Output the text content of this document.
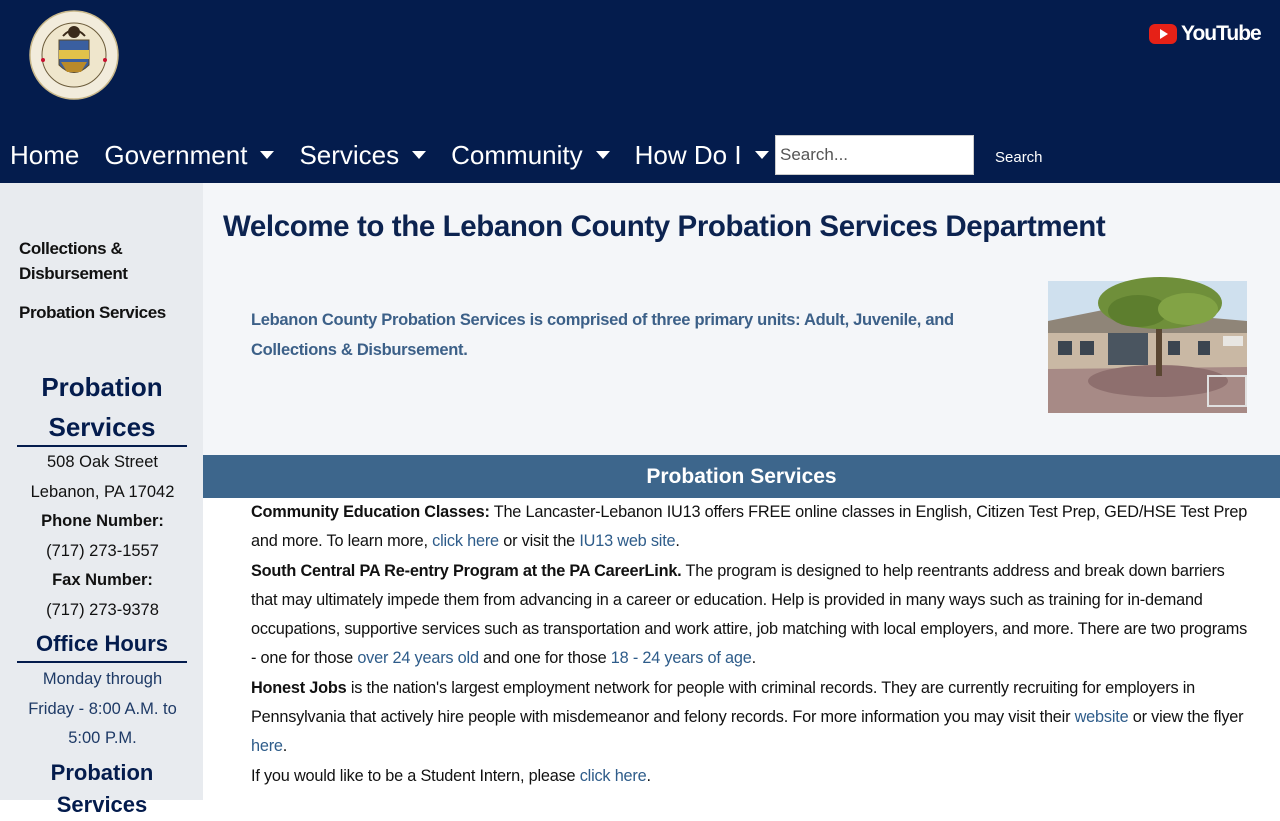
YouTube
Home Government Services Community How Do I
Search...	Search
Collections &
Disbursement
Probation Services
Probation
Services
508 Oak Street
Lebanon, PA 17042
Phone Number:
(717) 273-1557
Fax Number:
(717) 273-9378
Office Hours
Monday through
Friday - 8:00 A.M. to
5:00 P.M.
Probation
Services
Welcome to the Lebanon County Probation Services Department

Lebanon County Probation Services is comprised of three primary units: Adult, Juvenile, and Collections & Disbursement.

Probation Services

Community Education Classes: The Lancaster-Lebanon IU13 offers FREE online classes in English, Citizen Test Prep, GED/HSE Test Prep and more. To learn more, click here or visit the IU13 web site.

South Central PA Re-entry Program at the PA CareerLink. The program is designed to help reentrants address and break down barriers that may ultimately impede them from advancing in a career or education. Help is provided in many ways such as training for in-demand occupations, supportive services such as transportation and work attire, job matching with local employers, and more. There are two programs - one for those over 24 years old and one for those 18 - 24 years of age.

Honest Jobs is the nation's largest employment network for people with criminal records. They are currently recruiting for employers in Pennsylvania that actively hire people with misdemeanor and felony records. For more information you may visit their website or view the flyer here.

If you would like to be a Student Intern, please click here.
